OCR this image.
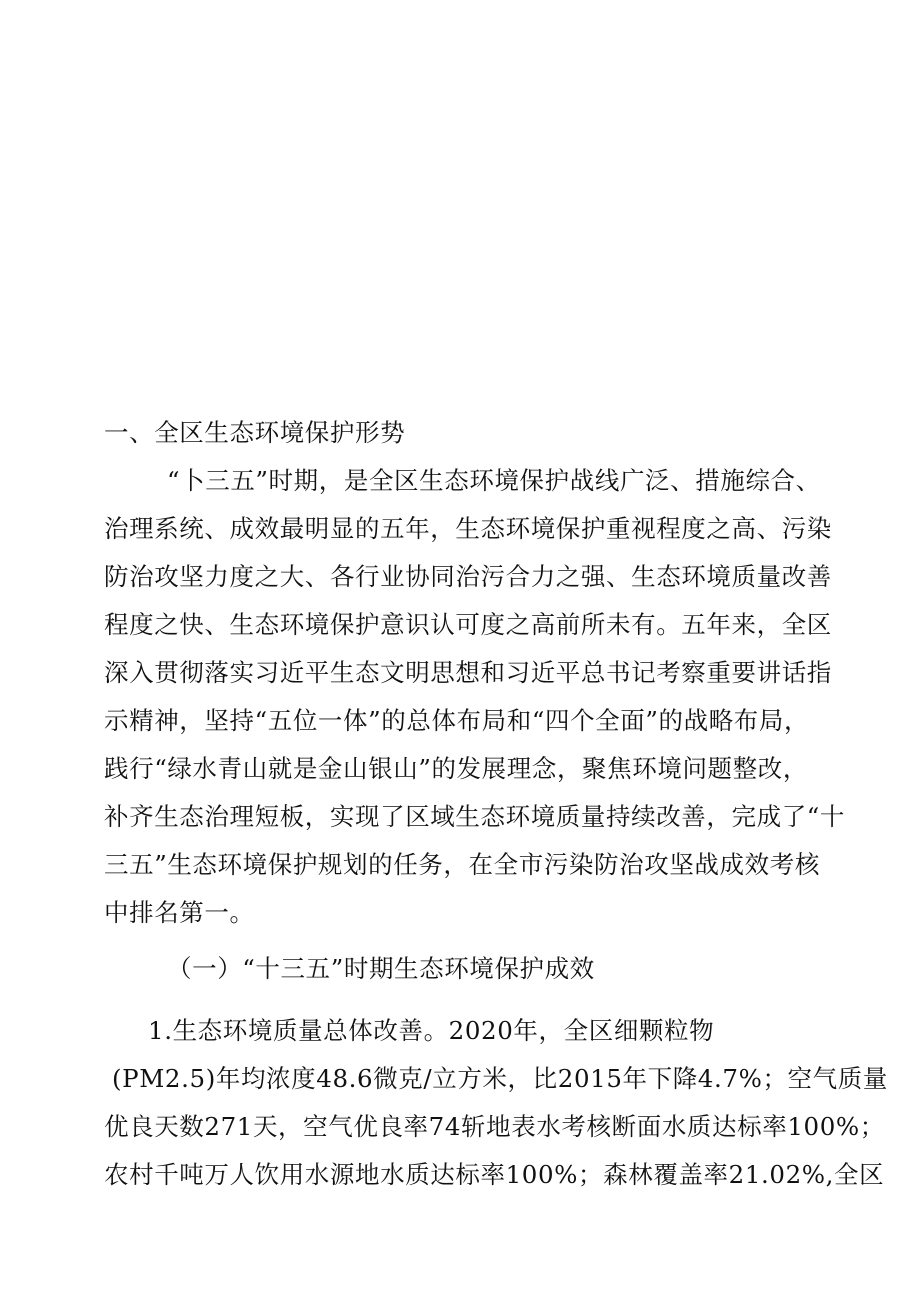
一、全区生态环境保护形势
“卜三五”时期，是全区生态环境保护战线广泛、措施综合、
治理系统、成效最明显的五年，生态环境保护重视程度之高、污染
防治攻坚力度之大、各行业协同治污合力之强、生态环境质量改善
程度之快、生态环境保护意识认可度之高前所未有。五年来，全区
深入贯彻落实习近平生态文明思想和习近平总书记考察重要讲话指
示精神，坚持“五位一体”的总体布局和“四个全面”的战略布局，
践行“绿水青山就是金山银山”的发展理念，聚焦环境问题整改，
补齐生态治理短板，实现了区域生态环境质量持续改善，完成了“十
三五”生态环境保护规划的任务，在全市污染防治攻坚战成效考核
中排名第一。
（一）“十三五”时期生态环境保护成效
1.生态环境质量总体改善。2020年，全区细颗粒物
(PM2.5)年均浓度48.6微克/立方米，比2015年下降4.7%；空气质量
优良天数271天，空气优良率74斩地表水考核断面水质达标率100%；
农村千吨万人饮用水源地水质达标率100%；森林覆盖率21.02%,全区
